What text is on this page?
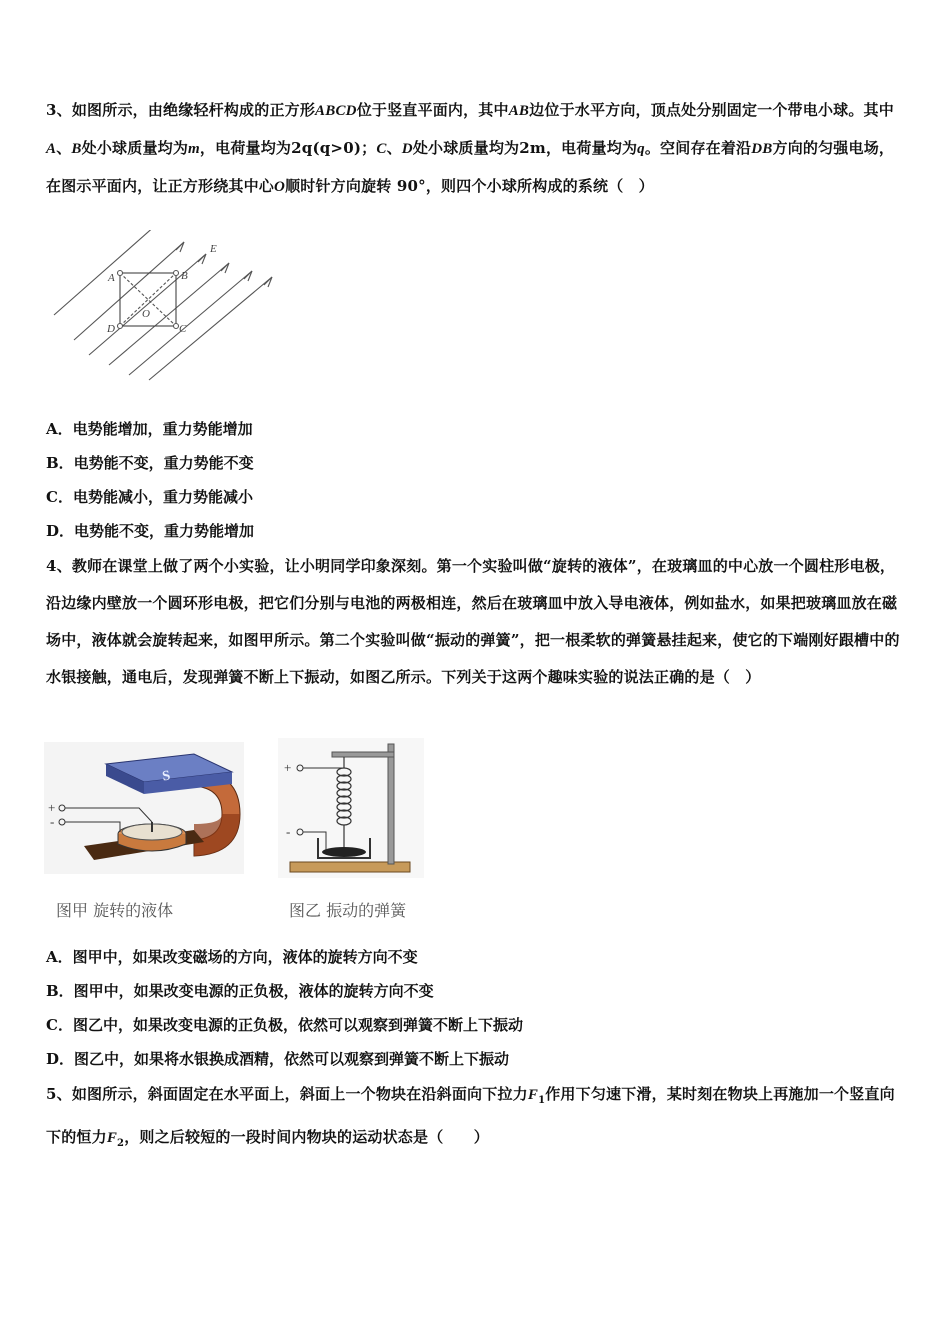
3、如图所示，由绝缘轻杆构成的正方形ABCD位于竖直平面内，其中AB边位于水平方向，顶点处分别固定一个带电小球。其中A、B处小球质量均为m，电荷量均为2q(q>0)；C、D处小球质量均为2m，电荷量均为q。空间存在着沿DB方向的匀强电场，在图示平面内，让正方形绕其中心O顺时针方向旋转 90°，则四个小球所构成的系统（　）
A	B
C
D
O
E
A．电势能增加，重力势能增加
B．电势能不变，重力势能不变
C．电势能减小，重力势能减小
D．电势能不变，重力势能增加
4、教师在课堂上做了两个小实验，让小明同学印象深刻。第一个实验叫做“旋转的液体”，在玻璃皿的中心放一个圆柱形电极，沿边缘内壁放一个圆环形电极，把它们分别与电池的两极相连，然后在玻璃皿中放入导电液体，例如盐水，如果把玻璃皿放在磁场中，液体就会旋转起来，如图甲所示。第二个实验叫做“振动的弹簧”，把一根柔软的弹簧悬挂起来，使它的下端刚好跟槽中的水银接触，通电后，发现弹簧不断上下振动，如图乙所示。下列关于这两个趣味实验的说法正确的是（　）
S
+
-
图甲 旋转的液体
+
-
图乙 振动的弹簧
A．图甲中，如果改变磁场的方向，液体的旋转方向不变
B．图甲中，如果改变电源的正负极，液体的旋转方向不变
C．图乙中，如果改变电源的正负极，依然可以观察到弹簧不断上下振动
D．图乙中，如果将水银换成酒精，依然可以观察到弹簧不断上下振动
5、如图所示，斜面固定在水平面上，斜面上一个物块在沿斜面向下拉力$F_1$作用下匀速下滑，某时刻在物块上再施加一个竖直向下的恒力$F_2$，则之后较短的一段时间内物块的运动状态是（　　）
